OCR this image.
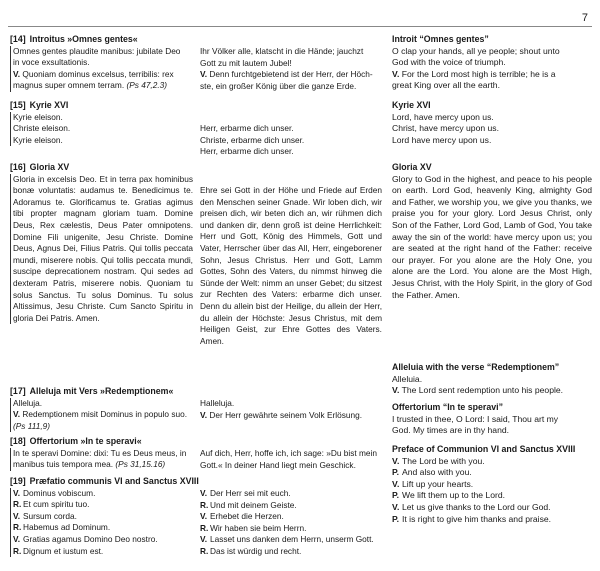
7
[14] Introitus »Omnes gentes«
Omnes gentes plaudite manibus: jubilate Deo
in voce exsultationis.
V. Quoniam dominus excelsus, terribilis: rex
magnus super omnem terram. (Ps 47,2.3)
[15] Kyrie XVI
Kyrie eleison.
Christe eleison.
Kyrie eleison.
[16] Gloria XV
Gloria in excelsis Deo. Et in terra pax hominibus bonæ voluntatis: audamus te. Benedicimus te. Adoramus te. Glorificamus te. Gratias agimus tibi propter magnam gloriam tuam. Domine Deus, Rex cælestis, Deus Pater omnipotens. Domine Fili unigenite, Jesu Christe. Domine Deus, Agnus Dei, Filius Patris. Qui tollis peccata mundi, miserere nobis. Qui tollis peccata mundi, suscipe deprecationem nostram. Qui sedes ad dexteram Patris, miserere nobis. Quoniam tu solus Sanctus. Tu solus Dominus. Tu solus Altissimus, Jesu Christe. Cum Sancto Spiritu in gloria Dei Patris. Amen.
[17] Alleluja mit Vers »Redemptionem«
Alleluja.
V. Redemptionem misit Dominus in populo suo.
(Ps 111,9)
[18] Offertorium »In te speravi«
In te speravi Domine: dixi: Tu es Deus meus, in
manibus tuis tempora mea. (Ps 31,15.16)
[19] Præfatio communis VI and Sanctus XVIII
V. Dominus vobiscum.
R. Et cum spiritu tuo.
V. Sursum corda.
R. Habemus ad Dominum.
V. Gratias agamus Domino Deo nostro.
R. Dignum et iustum est.
Ihr Völker alle, klatscht in die Hände; jauchzt
Gott zu mit lautem Jubel!
V. Denn furchtgebietend ist der Herr, der Höch-
ste, ein großer König über die ganze Erde.
Herr, erbarme dich unser.
Christe, erbarme dich unser.
Herr, erbarme dich unser.
Ehre sei Gott in der Höhe und Friede auf Erden den Menschen seiner Gnade. Wir loben dich, wir preisen dich, wir beten dich an, wir rühmen dich und danken dir, denn groß ist deine Herrlichkeit: Herr und Gott, König des Himmels, Gott und Vater, Herrscher über das All, Herr, eingeborener Sohn, Jesus Christus. Herr und Gott, Lamm Gottes, Sohn des Vaters, du nimmst hinweg die Sünde der Welt: nimm an unser Gebet; du sitzest zur Rechten des Vaters: erbarme dich unser. Denn du allein bist der Heilige, du allein der Herr, du allein der Höchste: Jesus Christus, mit dem Heiligen Geist, zur Ehre Gottes des Vaters. Amen.
Halleluja.
V. Der Herr gewährte seinem Volk Erlösung.
Auf dich, Herr, hoffe ich, ich sage: »Du bist mein
Gott.« In deiner Hand liegt mein Geschick.
V. Der Herr sei mit euch.
R. Und mit deinem Geiste.
V. Erhebet die Herzen.
R. Wir haben sie beim Herrn.
V. Lasset uns danken dem Herrn, unserm Gott.
R. Das ist würdig und recht.
Introit “Omnes gentes”
O clap your hands, all ye people; shout unto
God with the voice of triumph.
V. For the Lord most high is terrible; he is a
great King over all the earth.
Kyrie XVI
Lord, have mercy upon us.
Christ, have mercy upon us.
Lord have mercy upon us.
Gloria XV
Glory to God in the highest, and peace to his people on earth. Lord God, heavenly King, almighty God and Father, we worship you, we give you thanks, we praise you for your glory. Lord Jesus Christ, only Son of the Father, Lord God, Lamb of God, You take away the sin of the world: have mercy upon us; you are seated at the right hand of the Father: receive our prayer. For you alone are the Holy One, you alone are the Lord. You alone are the Most High, Jesus Christ, with the Holy Spirit, in the glory of God the Father. Amen.
Alleluia with the verse “Redemptionem”
Alleluia.
V. The Lord sent redemption unto his people.
Offertorium “In te speravi”
I trusted in thee, O Lord: I said, Thou art my
God. My times are in thy hand.
Preface of Communion VI and Sanctus XVIII
V. The Lord be with you.
P. And also with you.
V. Lift up your hearts.
P. We lift them up to the Lord.
V. Let us give thanks to the Lord our God.
P. It is right to give him thanks and praise.
